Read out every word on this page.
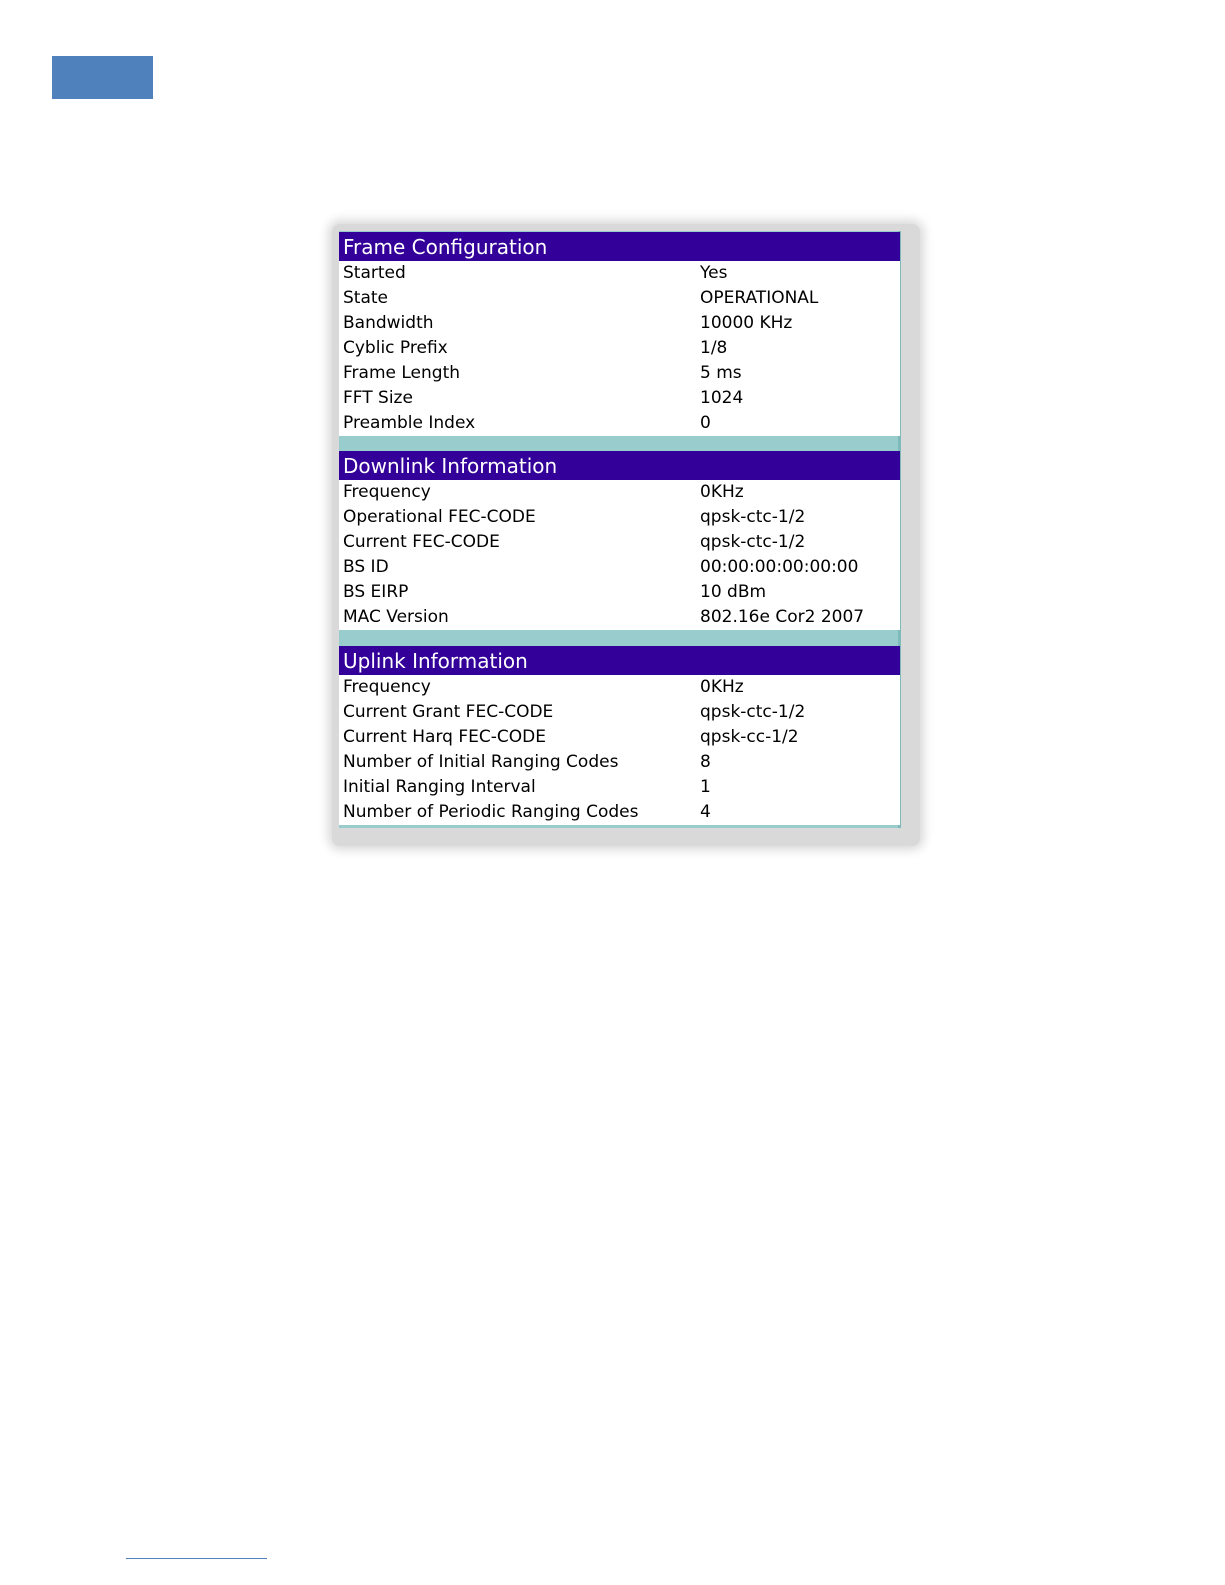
Frame Configuration
Started	Yes
State	OPERATIONAL
Bandwidth	10000 KHz
Cyblic Prefix	1/8
Frame Length	5 ms
FFT Size	1024
Preamble Index	0
Downlink Information
Frequency	0KHz
Operational FEC-CODE	qpsk-ctc-1/2
Current FEC-CODE	qpsk-ctc-1/2
BS ID	00:00:00:00:00:00
BS EIRP	10 dBm
MAC Version	802.16e Cor2 2007
Uplink Information
Frequency	0KHz
Current Grant FEC-CODE	qpsk-ctc-1/2
Current Harq FEC-CODE	qpsk-cc-1/2
Number of Initial Ranging Codes	8
Initial Ranging Interval	1
Number of Periodic Ranging Codes	4
